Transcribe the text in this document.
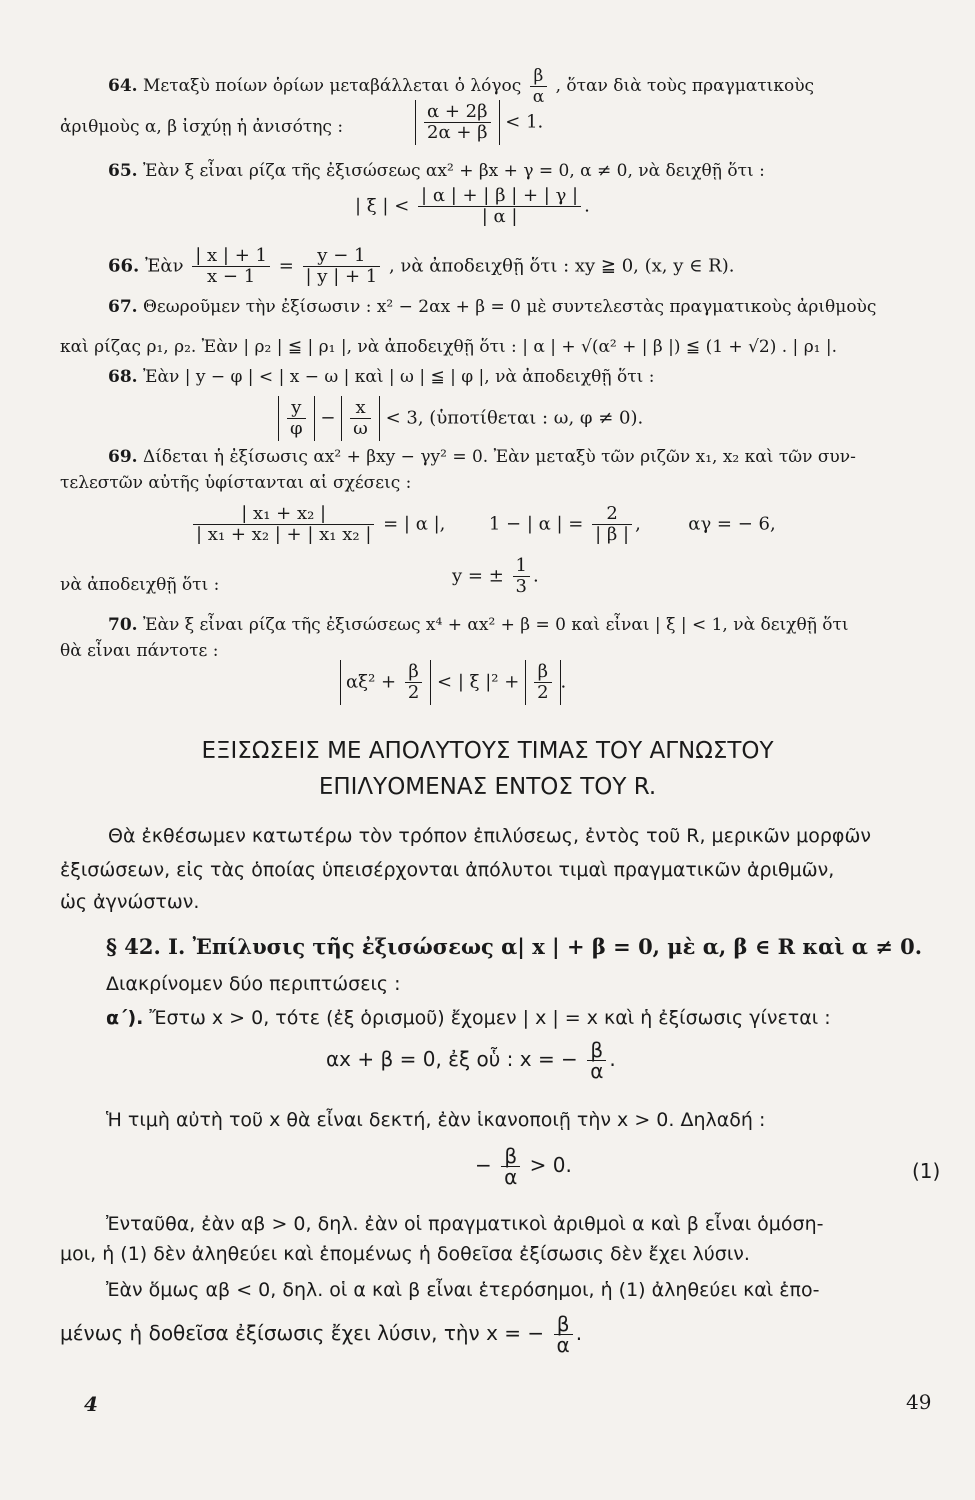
64. Μεταξὺ ποίων ὁρίων μεταβάλλεται ὁ λόγος $\frac{\beta}{\alpha}$ , ὅταν διὰ τοὺς πραγματικοὺς
ἀριθμοὺς α, β ἰσχύῃ ἡ ἀνισότης :	$\frac{\alpha + 2\beta}{2\alpha + \beta} < 1$.
65. Ἐὰν ξ εἶναι ρίζα τῆς ἐξισώσεως αx² + βx + γ = 0, α ≠ 0, νὰ δειχθῇ ὅτι :
| ξ | < $\frac{| \alpha | + | \beta | + | \gamma |}{| \alpha |}$ .
66. Ἐὰν $\frac{| x | + 1}{x - 1} = \frac{y - 1}{| y | + 1}$ , νὰ ἀποδειχθῇ ὅτι : xy ≧ 0, (x, y ∈ R).
67. Θεωροῦμεν τὴν ἐξίσωσιν : x² − 2αx + β = 0 μὲ συντελεστὰς πραγματικοὺς ἀριθμοὺς
καὶ ρίζας ρ₁, ρ₂. Ἐὰν | ρ₂ | ≦ | ρ₁ |, νὰ ἀποδειχθῇ ὅτι : | α | + √(α² + | β |) ≦ (1 + √2) . | ρ₁ |.
68. Ἐὰν | y − φ | < | x − ω | καὶ | ω | ≦ | φ |, νὰ ἀποδειχθῇ ὅτι :
$\frac{y}{\varphi} - \frac{x}{\omega} < 3$, (ὑποτίθεται : ω, φ ≠ 0).
69. Δίδεται ἡ ἐξίσωσις αx² + βxy − γy² = 0. Ἐὰν μεταξὺ τῶν ριζῶν x₁, x₂ καὶ τῶν συν-
τελεστῶν αὐτῆς ὑφίστανται αἱ σχέσεις :
$\frac{\text{| x₁ + x₂ |}}{\text{| x₁ + x₂ | + | x₁ x₂ |}}$ = | α |, 1 − | α | = $\frac{2}{| \beta |}$ ,	αγ = − 6,
νὰ ἀποδειχθῇ ὅτι :	y = ± $\frac{1}{3}$ .
70. Ἐὰν ξ εἶναι ρίζα τῆς ἐξισώσεως x⁴ + αx² + β = 0 καὶ εἶναι | ξ | < 1, νὰ δειχθῇ ὅτι
θὰ εἶναι πάντοτε :
$\alpha\xi^2 + \frac{\beta}{2}$ < | ξ $|^2 + \frac{\beta}{2}$ .
ΕΞΙΣΩΣΕΙΣ ΜΕ ΑΠΟΛΥΤΟΥΣ ΤΙΜΑΣ ΤΟΥ ΑΓΝΩΣΤΟΥ
ΕΠΙΛΥΟΜΕΝΑΣ ΕΝΤΟΣ ΤΟΥ R.
Θὰ ἐκθέσωμεν κατωτέρω τὸν τρόπον ἐπιλύσεως, ἐντὸς τοῦ R, μερικῶν μορφῶν
ἐξισώσεων, εἰς τὰς ὁποίας ὑπεισέρχονται ἀπόλυτοι τιμαὶ πραγματικῶν ἀριθμῶν,
ὡς ἀγνώστων.
§ 42. I. Ἐπίλυσις τῆς ἐξισώσεως α| x | + β = 0, μὲ α, β ∈ R καὶ α ≠ 0.
Διακρίνομεν δύο περιπτώσεις :
α΄). Ἔστω x > 0, τότε (ἐξ ὁρισμοῦ) ἔχομεν | x | = x καὶ ἡ ἐξίσωσις γίνεται :
αx + β = 0, ἐξ οὗ : x = − $\frac{\beta}{\alpha}$ .
Ἡ τιμὴ αὐτὴ τοῦ x θὰ εἶναι δεκτή, ἐὰν ἱκανοποιῇ τὴν x > 0. Δηλαδή :
− $\frac{\beta}{\alpha} > 0$.	(1)
Ἐνταῦθα, ἐὰν αβ > 0, δηλ. ἐὰν οἱ πραγματικοὶ ἀριθμοὶ α καὶ β εἶναι ὁμόση-
μοι, ἡ (1) δὲν ἀληθεύει καὶ ἑπομένως ἡ δοθεῖσα ἐξίσωσις δὲν ἔχει λύσιν.
Ἐὰν ὅμως αβ < 0, δηλ. οἱ α καὶ β εἶναι ἑτερόσημοι, ἡ (1) ἀληθεύει καὶ ἑπο-
μένως ἡ δοθεῖσα ἐξίσωσις ἔχει λύσιν, τὴν x = − $\frac{\beta}{\alpha}$ .
4	49
